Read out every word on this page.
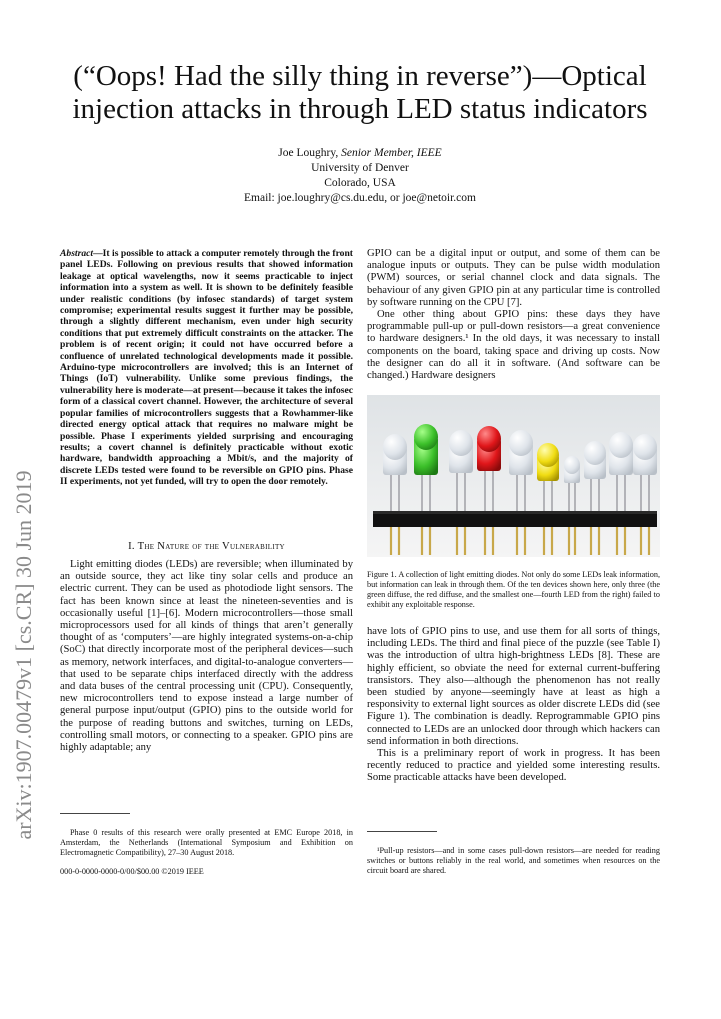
(“Oops! Had the silly thing in reverse”)—Optical injection attacks in through LED status indicators
Joe Loughry, Senior Member, IEEE
University of Denver
Colorado, USA
Email: joe.loughry@cs.du.edu, or joe@netoir.com
arXiv:1907.00479v1 [cs.CR] 30 Jun 2019

Abstract—It is possible to attack a computer remotely through the front panel LEDs. Following on previous results that showed information leakage at optical wavelengths, now it seems practicable to inject information into a system as well. It is shown to be definitely feasible under realistic conditions (by infosec standards) of target system compromise; experimental results suggest it further may be possible, through a slightly different mechanism, even under high security conditions that put extremely difficult constraints on the attacker. The problem is of recent origin; it could not have occurred before a confluence of unrelated technological developments made it possible. Arduino-type microcontrollers are involved; this is an Internet of Things (IoT) vulnerability. Unlike some previous findings, the vulnerability here is moderate—at present—because it takes the infosec form of a classical covert channel. However, the architecture of several popular families of microcontrollers suggests that a Rowhammer-like directed energy optical attack that requires no malware might be possible. Phase I experiments yielded surprising and encouraging results; a covert channel is definitely practicable without exotic hardware, bandwidth approaching a Mbit/s, and the majority of discrete LEDs tested were found to be reversible on GPIO pins. Phase II experiments, not yet funded, will try to open the door remotely.

I. The Nature of the Vulnerability

Light emitting diodes (LEDs) are reversible; when illuminated by an outside source, they act like tiny solar cells and produce an electric current. They can be used as photodiode light sensors. The fact has been known since at least the nineteen-seventies and is occasionally useful [1]–[6]. Modern microcontrollers—those small microprocessors used for all kinds of things that aren’t generally thought of as ‘computers’—are highly integrated systems-on-a-chip (SoC) that directly incorporate most of the peripheral devices—such as memory, network interfaces, and digital-to-analogue converters—that used to be separate chips interfaced directly with the address and data buses of the central processing unit (CPU). Consequently, new microcontrollers tend to expose instead a large number of general purpose input/output (GPIO) pins to the outside world for the purpose of reading buttons and switches, turning on LEDs, controlling small motors, or connecting to a speaker. GPIO pins are highly adaptable; any

Phase 0 results of this research were orally presented at EMC Europe 2018, in Amsterdam, the Netherlands (International Symposium and Exhibition on Electromagnetic Compatibility), 27–30 August 2018.

000-0-0000-0000-0/00/$00.00 ©2019 IEEE

GPIO can be a digital input or output, and some of them can be analogue inputs or outputs. They can be pulse width modulation (PWM) sources, or serial channel clock and data signals. The behaviour of any given GPIO pin at any particular time is controlled by software running on the CPU [7].

One other thing about GPIO pins: these days they have programmable pull-up or pull-down resistors—a great convenience to hardware designers.¹ In the old days, it was necessary to install components on the board, taking space and driving up costs. Now the designer can do all it in software. (And software can be changed.) Hardware designers

Figure 1. A collection of light emitting diodes. Not only do some LEDs leak information, but information can leak in through them. Of the ten devices shown here, only three (the green diffuse, the red diffuse, and the smallest one—fourth LED from the right) failed to exhibit any exploitable response.

have lots of GPIO pins to use, and use them for all sorts of things, including LEDs. The third and final piece of the puzzle (see Table I) was the introduction of ultra high-brightness LEDs [8]. These are highly efficient, so obviate the need for external current-buffering transistors. They also—although the phenomenon has not really been studied by anyone—seemingly have at least as high a responsivity to external light sources as older discrete LEDs did (see Figure 1). The combination is deadly. Reprogrammable GPIO pins connected to LEDs are an unlocked door through which hackers can send information in both directions.

This is a preliminary report of work in progress. It has been recently reduced to practice and yielded some interesting results. Some practicable attacks have been developed.

¹Pull-up resistors—and in some cases pull-down resistors—are needed for reading switches or buttons reliably in the real world, and sometimes when resources on the circuit board are shared.
